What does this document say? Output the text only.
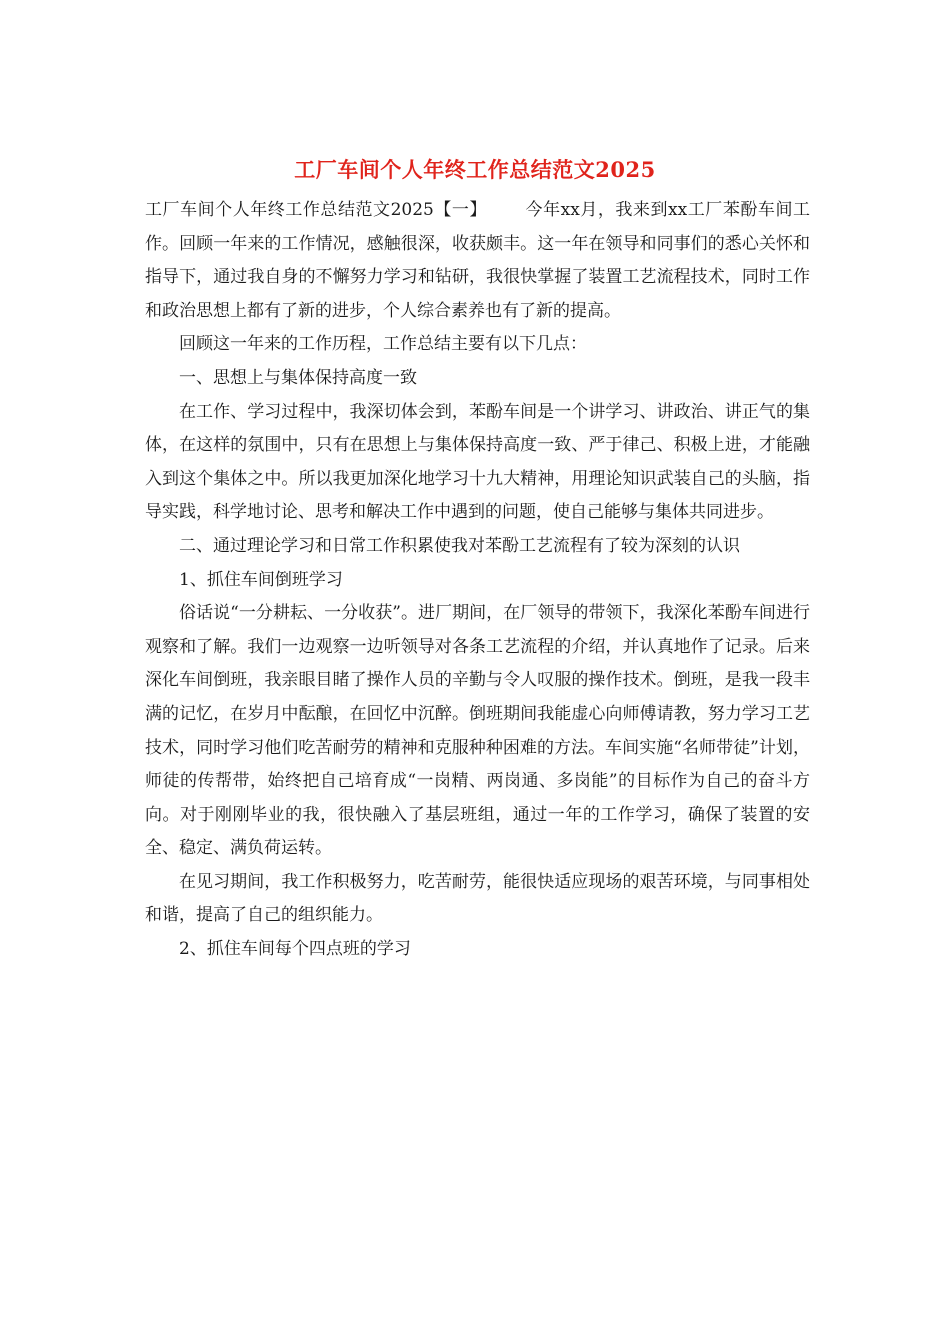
工厂车间个人年终工作总结范文2025

工厂车间个人年终工作总结范文2025【一】 今年xx月，我来到xx工厂苯酚车间工作。回顾一年来的工作情况，感触很深，收获颇丰。这一年在领导和同事们的悉心关怀和指导下，通过我自身的不懈努力学习和钻研，我很快掌握了装置工艺流程技术，同时工作和政治思想上都有了新的进步，个人综合素养也有了新的提高。

回顾这一年来的工作历程，工作总结主要有以下几点：

一、思想上与集体保持高度一致

在工作、学习过程中，我深切体会到，苯酚车间是一个讲学习、讲政治、讲正气的集体，在这样的氛围中，只有在思想上与集体保持高度一致、严于律己、积极上进，才能融入到这个集体之中。所以我更加深化地学习十九大精神，用理论知识武装自己的头脑，指导实践，科学地讨论、思考和解决工作中遇到的问题，使自己能够与集体共同进步。

二、通过理论学习和日常工作积累使我对苯酚工艺流程有了较为深刻的认识

1、抓住车间倒班学习

俗话说“一分耕耘、一分收获”。进厂期间，在厂领导的带领下，我深化苯酚车间进行观察和了解。我们一边观察一边听领导对各条工艺流程的介绍，并认真地作了记录。后来深化车间倒班，我亲眼目睹了操作人员的辛勤与令人叹服的操作技术。倒班，是我一段丰满的记忆，在岁月中酝酿，在回忆中沉醉。倒班期间我能虚心向师傅请教，努力学习工艺技术，同时学习他们吃苦耐劳的精神和克服种种困难的方法。车间实施“名师带徒”计划，师徒的传帮带，始终把自己培育成“一岗精、两岗通、多岗能”的目标作为自己的奋斗方向。对于刚刚毕业的我，很快融入了基层班组，通过一年的工作学习，确保了装置的安全、稳定、满负荷运转。

在见习期间，我工作积极努力，吃苦耐劳，能很快适应现场的艰苦环境，与同事相处和谐，提高了自己的组织能力。

2、抓住车间每个四点班的学习
